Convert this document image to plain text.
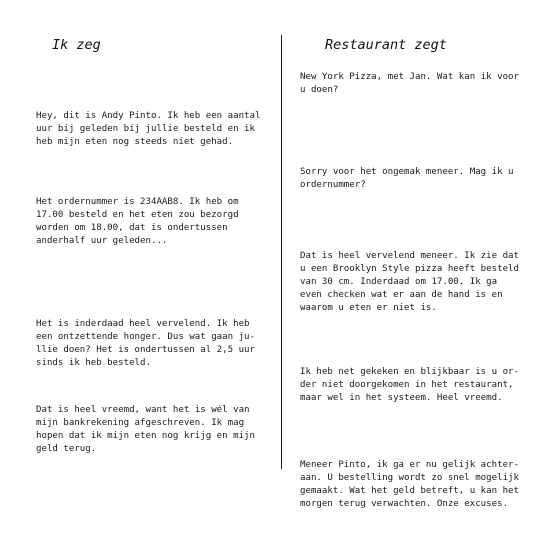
Ik zeg	Restaurant zegt

New York Pizza, met Jan. Wat kan ik voor
u doen?

Sorry voor het ongemak meneer. Mag ik u
ordernummer?

Dat is heel vervelend meneer. Ik zie dat
u een Brooklyn Style pizza heeft besteld
van 30 cm. Inderdaad om 17.00. Ik ga
even checken wat er aan de hand is en
waarom u eten er niet is.

Ik heb net gekeken en blijkbaar is u or-
der niet doorgekomen in het restaurant,
maar wel in het systeem. Heel vreemd.

Meneer Pinto, ik ga er nu gelijk achter-
aan. U bestelling wordt zo snel mogelijk
gemaakt. Wat het geld betreft, u kan het
morgen terug verwachten. Onze excuses.

Hey, dit is Andy Pinto. Ik heb een aantal
uur bij geleden bij jullie besteld en ik
heb mijn eten nog steeds niet gehad.

Het ordernummer is 234AAB8. Ik heb om
17.00 besteld en het eten zou bezorgd
worden om 18.00, dat is ondertussen
anderhalf uur geleden...

Het is inderdaad heel vervelend. Ik heb
een ontzettende honger. Dus wat gaan ju-
llie doen? Het is ondertussen al 2,5 uur
sinds ik heb besteld.

Dat is heel vreemd, want het is wél van
mijn bankrekening afgeschreven. Ik mag
hopen dat ik mijn eten nog krijg en mijn
geld terug.
